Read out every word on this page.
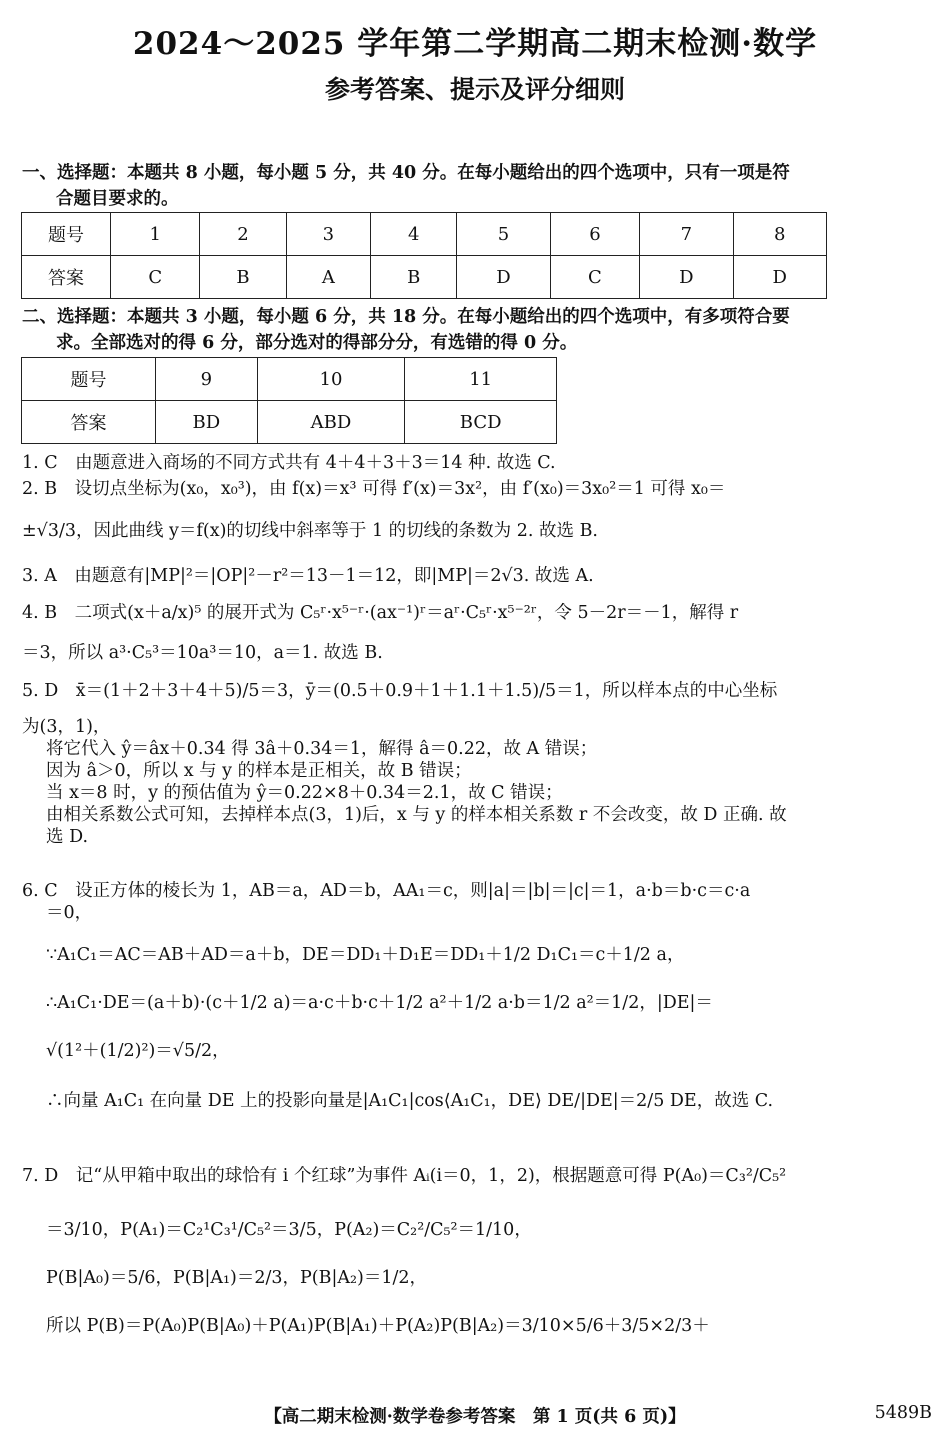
2024～2025 学年第二学期高二期末检测·数学
参考答案、提示及评分细则
一、选择题：本题共 8 小题，每小题 5 分，共 40 分。在每小题给出的四个选项中，只有一项是符
合题目要求的。
题号	1	2	3	4	5	6	7	8
答案	C	B	A	B	D	C	D	D
二、选择题：本题共 3 小题，每小题 6 分，共 18 分。在每小题给出的四个选项中，有多项符合要
求。全部选对的得 6 分，部分选对的得部分分，有选错的得 0 分。
题号	9	10	11
答案	BD	ABD	BCD
1. C　由题意进入商场的不同方式共有 4＋4＋3＋3＝14 种. 故选 C.
2. B　设切点坐标为(x₀，x₀³)，由 f(x)＝x³ 可得 f′(x)＝3x²，由 f′(x₀)＝3x₀²＝1 可得 x₀＝
±√3/3，因此曲线 y＝f(x)的切线中斜率等于 1 的切线的条数为 2. 故选 B.
3. A　由题意有|MP|²＝|OP|²－r²＝13－1＝12，即|MP|＝2√3. 故选 A.
4. B　二项式(x＋a/x)⁵ 的展开式为 C₅ʳ·x⁵⁻ʳ·(ax⁻¹)ʳ＝aʳ·C₅ʳ·x⁵⁻²ʳ，令 5－2r＝－1，解得 r
＝3，所以 a³·C₅³＝10a³＝10，a＝1. 故选 B.
5. D　x̄＝(1＋2＋3＋4＋5)/5＝3，ȳ＝(0.5＋0.9＋1＋1.1＋1.5)/5＝1，所以样本点的中心坐标
为(3，1)，
将它代入 ŷ＝âx＋0.34 得 3â＋0.34＝1，解得 â＝0.22，故 A 错误；
因为 â＞0，所以 x 与 y 的样本是正相关，故 B 错误；
当 x＝8 时，y 的预估值为 ŷ＝0.22×8＋0.34＝2.1，故 C 错误；
由相关系数公式可知，去掉样本点(3，1)后，x 与 y 的样本相关系数 r 不会改变，故 D 正确. 故
选 D.
6. C　设正方体的棱长为 1，AB＝a，AD＝b，AA₁＝c，则|a|＝|b|＝|c|＝1，a·b＝b·c＝c·a
＝0，
∵A₁C₁＝AC＝AB＋AD＝a＋b，DE＝DD₁＋D₁E＝DD₁＋1/2 D₁C₁＝c＋1/2 a，
∴A₁C₁·DE＝(a＋b)·(c＋1/2 a)＝a·c＋b·c＋1/2 a²＋1/2 a·b＝1/2 a²＝1/2，|DE|＝
√(1²＋(1/2)²)＝√5/2，
∴向量 A₁C₁ 在向量 DE 上的投影向量是|A₁C₁|cos⟨A₁C₁，DE⟩ DE/|DE|＝2/5 DE，故选 C.
7. D　记“从甲箱中取出的球恰有 i 个红球”为事件 Aᵢ(i＝0，1，2)，根据题意可得 P(A₀)＝C₃²/C₅²
＝3/10，P(A₁)＝C₂¹C₃¹/C₅²＝3/5，P(A₂)＝C₂²/C₅²＝1/10，
P(B|A₀)＝5/6，P(B|A₁)＝2/3，P(B|A₂)＝1/2，
所以 P(B)＝P(A₀)P(B|A₀)＋P(A₁)P(B|A₁)＋P(A₂)P(B|A₂)＝3/10×5/6＋3/5×2/3＋
【高二期末检测·数学卷参考答案　第 1 页(共 6 页)】	5489B
